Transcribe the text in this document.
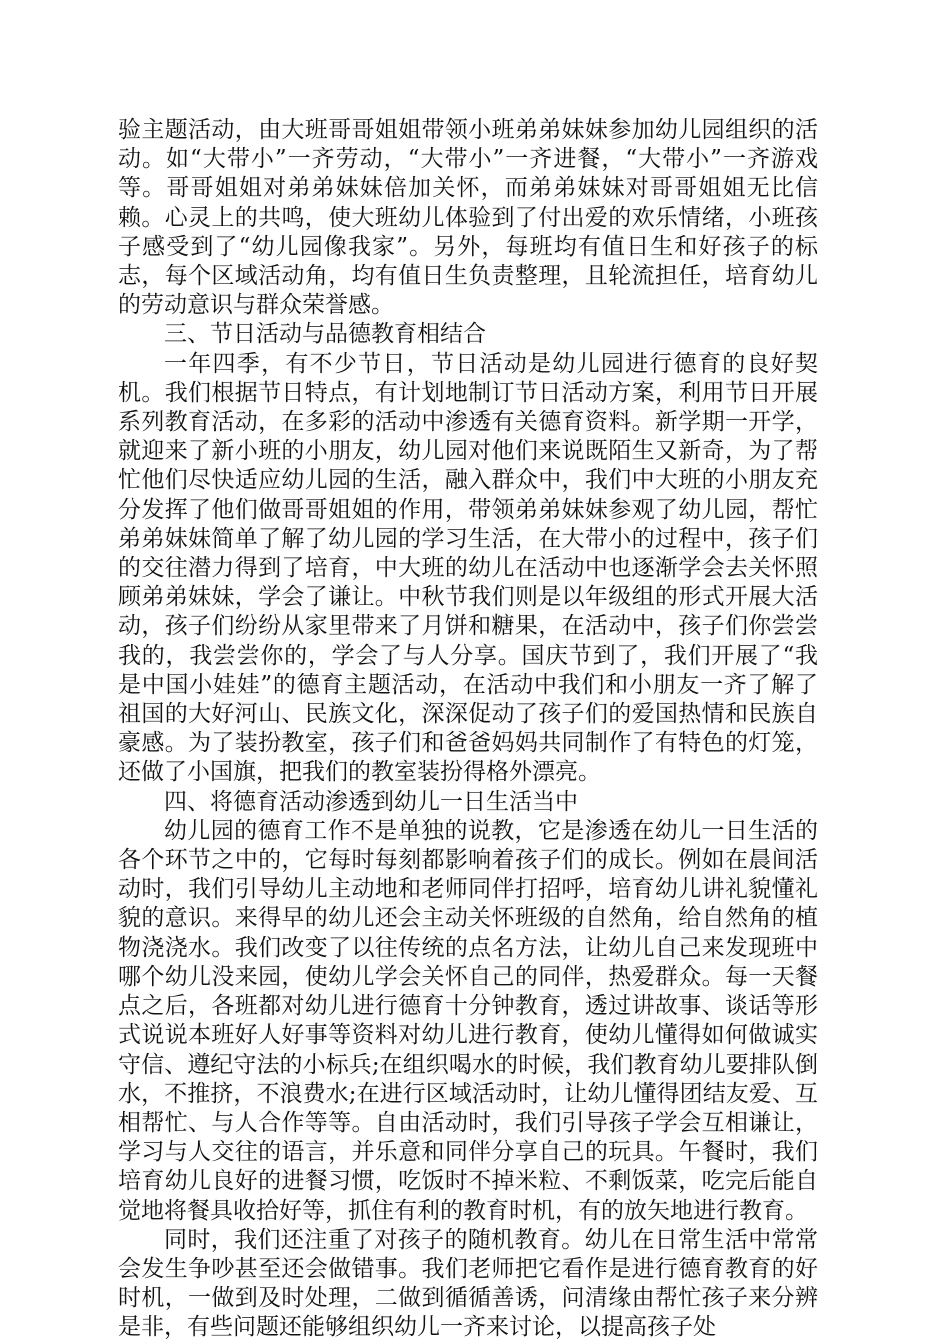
验主题活动，由大班哥哥姐姐带领小班弟弟妹妹参加幼儿园组织的活动。如“大带小”一齐劳动，“大带小”一齐进餐，“大带小”一齐游戏等。哥哥姐姐对弟弟妹妹倍加关怀，而弟弟妹妹对哥哥姐姐无比信赖。心灵上的共鸣，使大班幼儿体验到了付出爱的欢乐情绪，小班孩子感受到了“幼儿园像我家”。另外，每班均有值日生和好孩子的标志，每个区域活动角，均有值日生负责整理，且轮流担任，培育幼儿的劳动意识与群众荣誉感。

三、节日活动与品德教育相结合

一年四季，有不少节日，节日活动是幼儿园进行德育的良好契机。我们根据节日特点，有计划地制订节日活动方案，利用节日开展系列教育活动，在多彩的活动中渗透有关德育资料。新学期一开学，就迎来了新小班的小朋友，幼儿园对他们来说既陌生又新奇，为了帮忙他们尽快适应幼儿园的生活，融入群众中，我们中大班的小朋友充分发挥了他们做哥哥姐姐的作用，带领弟弟妹妹参观了幼儿园，帮忙弟弟妹妹简单了解了幼儿园的学习生活，在大带小的过程中，孩子们的交往潜力得到了培育，中大班的幼儿在活动中也逐渐学会去关怀照顾弟弟妹妹，学会了谦让。中秋节我们则是以年级组的形式开展大活动，孩子们纷纷从家里带来了月饼和糖果，在活动中，孩子们你尝尝我的，我尝尝你的，学会了与人分享。国庆节到了，我们开展了“我是中国小娃娃”的德育主题活动，在活动中我们和小朋友一齐了解了祖国的大好河山、民族文化，深深促动了孩子们的爱国热情和民族自豪感。为了装扮教室，孩子们和爸爸妈妈共同制作了有特色的灯笼，还做了小国旗，把我们的教室装扮得格外漂亮。

四、将德育活动渗透到幼儿一日生活当中

幼儿园的德育工作不是单独的说教，它是渗透在幼儿一日生活的各个环节之中的，它每时每刻都影响着孩子们的成长。例如在晨间活动时，我们引导幼儿主动地和老师同伴打招呼，培育幼儿讲礼貌懂礼貌的意识。来得早的幼儿还会主动关怀班级的自然角，给自然角的植物浇浇水。我们改变了以往传统的点名方法，让幼儿自己来发现班中哪个幼儿没来园，使幼儿学会关怀自己的同伴，热爱群众。每一天餐点之后，各班都对幼儿进行德育十分钟教育，透过讲故事、谈话等形式说说本班好人好事等资料对幼儿进行教育，使幼儿懂得如何做诚实守信、遵纪守法的小标兵;在组织喝水的时候，我们教育幼儿要排队倒水，不推挤，不浪费水;在进行区域活动时，让幼儿懂得团结友爱、互相帮忙、与人合作等等。自由活动时，我们引导孩子学会互相谦让，学习与人交往的语言，并乐意和同伴分享自己的玩具。午餐时，我们培育幼儿良好的进餐习惯，吃饭时不掉米粒、不剩饭菜，吃完后能自觉地将餐具收拾好等，抓住有利的教育时机，有的放矢地进行教育。

同时，我们还注重了对孩子的随机教育。幼儿在日常生活中常常会发生争吵甚至还会做错事。我们老师把它看作是进行德育教育的好时机，一做到及时处理，二做到循循善诱，问清缘由帮忙孩子来分辨是非，有些问题还能够组织幼儿一齐来讨论，以提高孩子处
